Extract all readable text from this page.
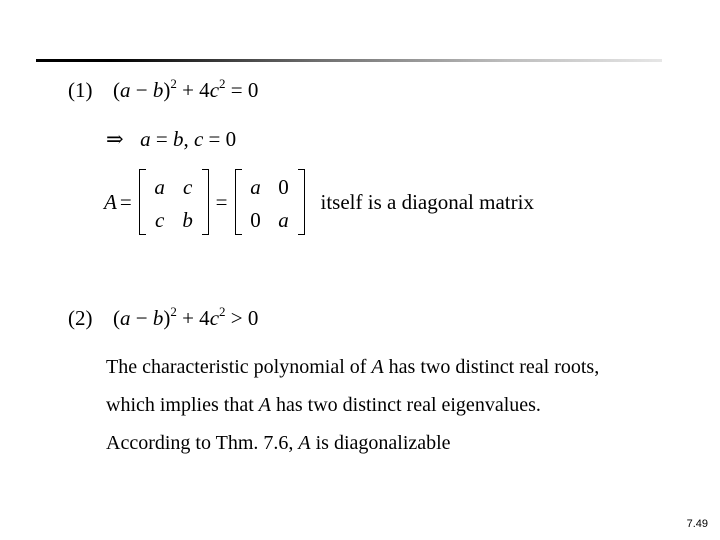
(1) $(a - b)^2 + 4c^2 = 0$
⇒ a = b, c = 0
A =
a c
c b
=
a 0
0 a
itself is a diagonal matrix
(2) $(a - b)^2 + 4c^2 > 0$
The characteristic polynomial of A has two distinct real roots,
which implies that A has two distinct real eigenvalues.
According to Thm. 7.6, A is diagonalizable
7.49
